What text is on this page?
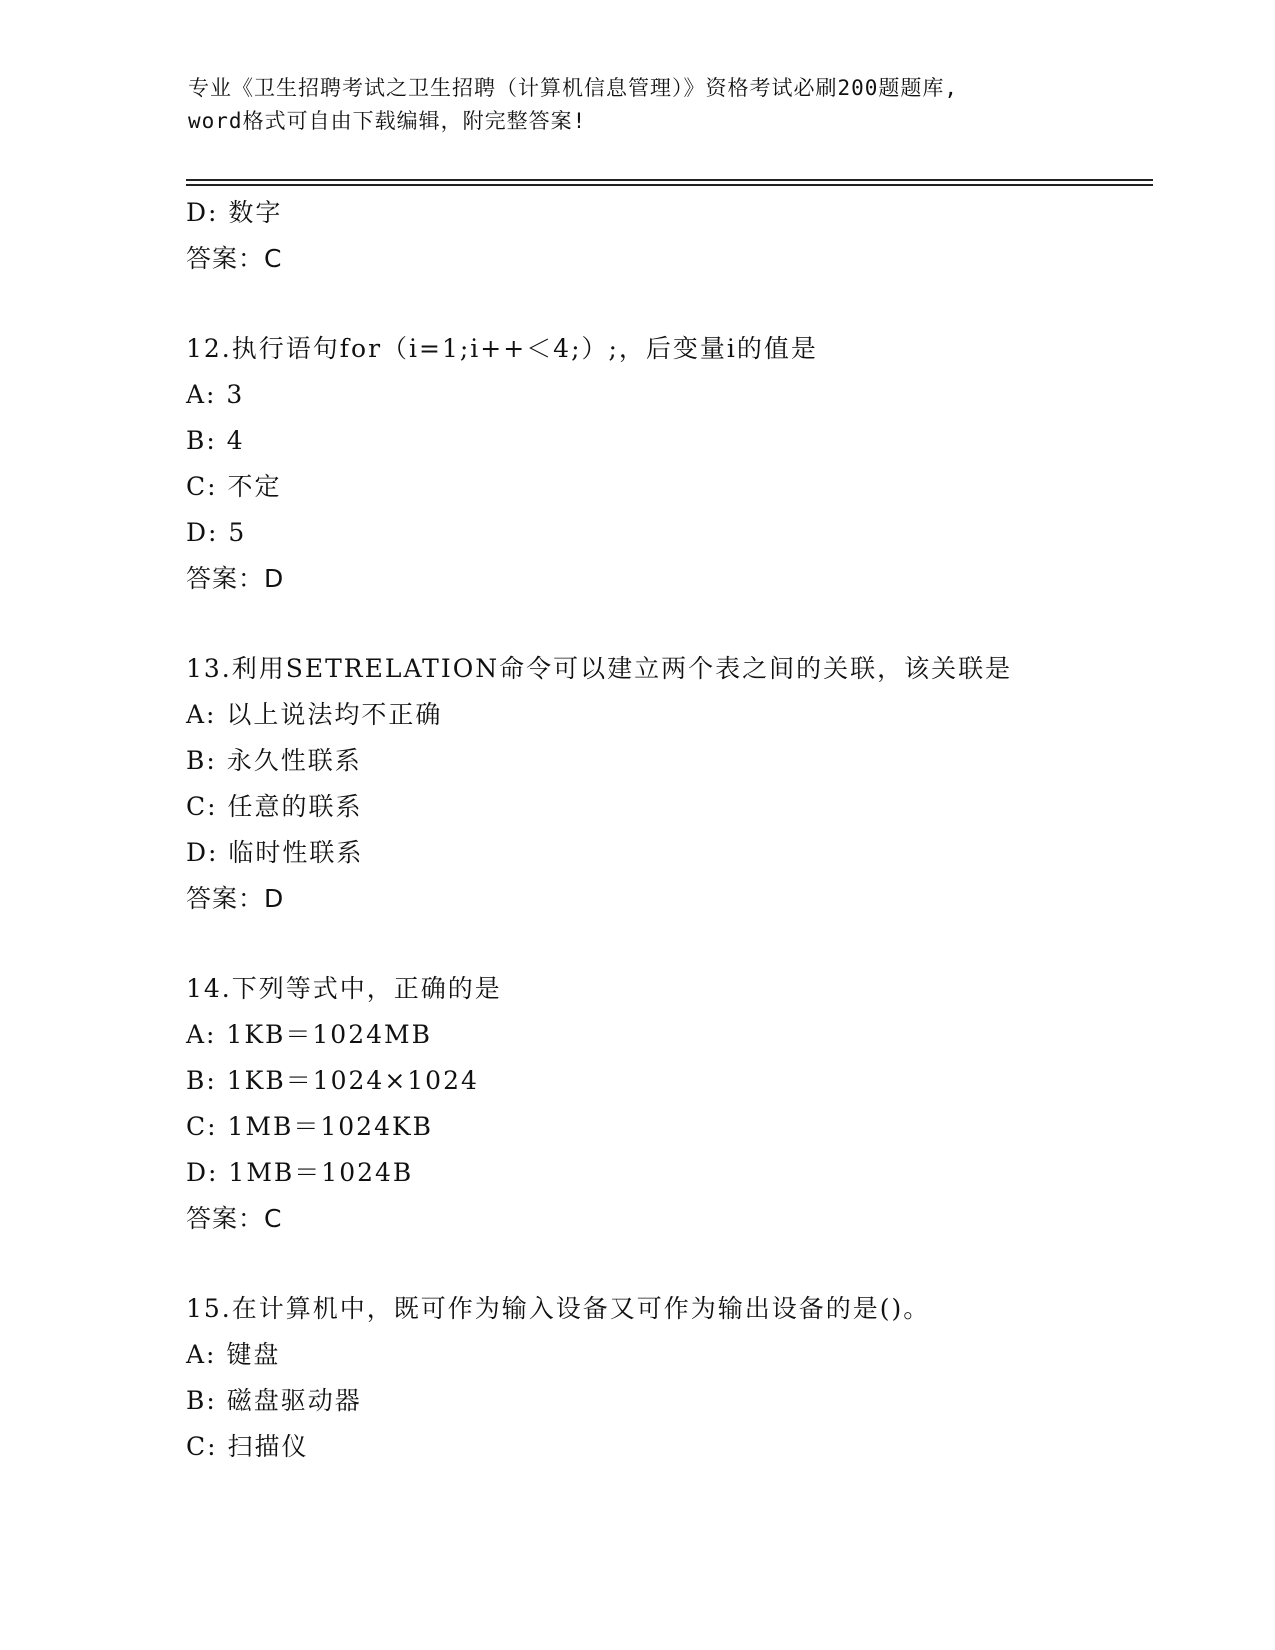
专业《卫生招聘考试之卫生招聘（计算机信息管理）》资格考试必刷200题题库,
word格式可自由下载编辑，附完整答案!
D: 数字
答案：C
12.执行语句for（i=1;i++＜4;）;，后变量i的值是
A: 3
B: 4
C: 不定
D: 5
答案：D
13.利用SETRELATION命令可以建立两个表之间的关联，该关联是
A: 以上说法均不正确
B: 永久性联系
C: 任意的联系
D: 临时性联系
答案：D
14.下列等式中，正确的是
A: 1KB＝1024MB
B: 1KB＝1024×1024
C: 1MB＝1024KB
D: 1MB＝1024B
答案：C
15.在计算机中，既可作为输入设备又可作为输出设备的是()。
A: 键盘
B: 磁盘驱动器
C: 扫描仪
